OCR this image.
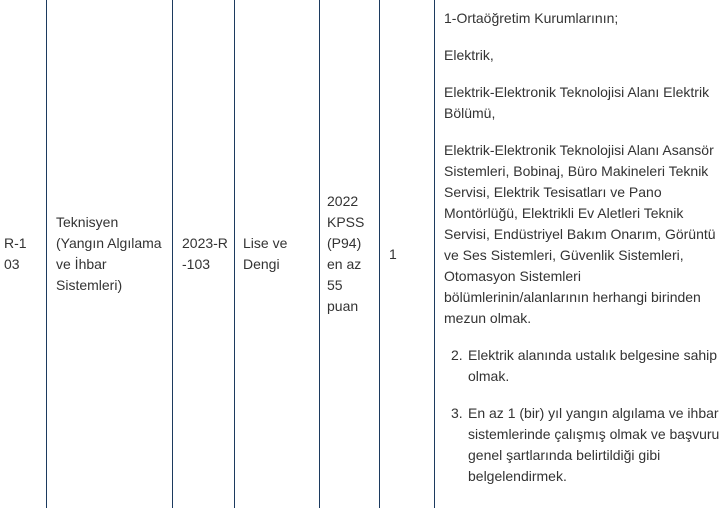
R-103
Teknisyen (Yangın Algılama ve İhbar Sistemleri)
2023-R-103
Lise ve Dengi
2022 KPSS (P94) en az 55 puan
1

1-Ortaöğretim Kurumlarının;

Elektrik,

Elektrik-Elektronik Teknolojisi Alanı Elektrik Bölümü,

Elektrik-Elektronik Teknolojisi Alanı Asansör Sistemleri, Bobinaj, Büro Makineleri Teknik Servisi, Elektrik Tesisatları ve Pano Montörlüğü, Elektrikli Ev Aletleri Teknik Servisi, Endüstriyel Bakım Onarım, Görüntü ve Ses Sistemleri, Güvenlik Sistemleri, Otomasyon Sistemleri bölümlerinin/alanlarının herhangi birinden mezun olmak.

2. Elektrik alanında ustalık belgesine sahip olmak.
3. En az 1 (bir) yıl yangın algılama ve ihbar sistemlerinde çalışmış olmak ve başvuru genel şartlarında belirtildiği gibi belgelendirmek.
